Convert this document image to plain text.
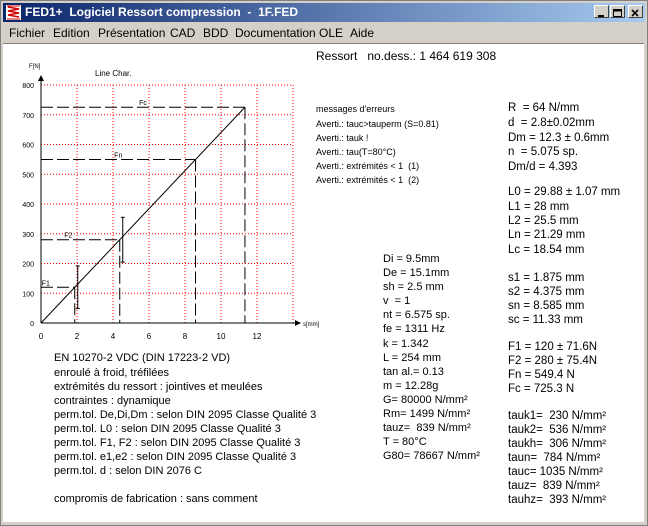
FED1+  Logiciel Ressort compression  -  1F.FED
Fichier Edition Présentation CAD BDD Documentation OLE Aide
Ressort   no.dess.: 1 464 619 308
0	2	4	6	8	10	12
0
100
200
300
400
500
600
700
800
F[N]
s[mm]
Line Char.
F1
F2
Fn
Fc
messages d'erreurs
Averti.: tauc>tauperm (S=0.81)
Averti.: tauk !
Averti.: tau(T=80°C)
Averti.: extrémités < 1  (1)
Averti.: extrémités < 1  (2)
R  = 64 N/mm
d  = 2.8±0.02mm
Dm = 12.3 ± 0.6mm
n  = 5.075 sp.
Dm/d = 4.393
L0 = 29.88 ± 1.07 mm
L1 = 28 mm
L2 = 25.5 mm
Ln = 21.29 mm
Lc = 18.54 mm
s1 = 1.875 mm
s2 = 4.375 mm
sn = 8.585 mm
sc = 11.33 mm
F1 = 120 ± 71.6N
F2 = 280 ± 75.4N
Fn = 549.4 N
Fc = 725.3 N
tauk1=  230 N/mm²
tauk2=  536 N/mm²
taukh=  306 N/mm²
taun=  784 N/mm²
tauc= 1035 N/mm²
tauz=  839 N/mm²
tauhz=  393 N/mm²
Di = 9.5mm
De = 15.1mm
sh = 2.5 mm
v  = 1
nt = 6.575 sp.
fe = 1311 Hz
k = 1.342
L = 254 mm
tan al.= 0.13
m = 12.28g
G= 80000 N/mm²
Rm= 1499 N/mm²
tauz=  839 N/mm²
T = 80°C
G80= 78667 N/mm²
EN 10270-2 VDC (DIN 17223-2 VD)
enroulé à froid, tréfilées
extrémités du ressort : jointives et meulées
contraintes : dynamique
perm.tol. De,Di,Dm : selon DIN 2095 Classe Qualité 3
perm.tol. L0 : selon DIN 2095 Classe Qualité 3
perm.tol. F1, F2 : selon DIN 2095 Classe Qualité 3
perm.tol. e1,e2 : selon DIN 2095 Classe Qualité 3
perm.tol. d : selon DIN 2076 C
compromis de fabrication : sans comment
